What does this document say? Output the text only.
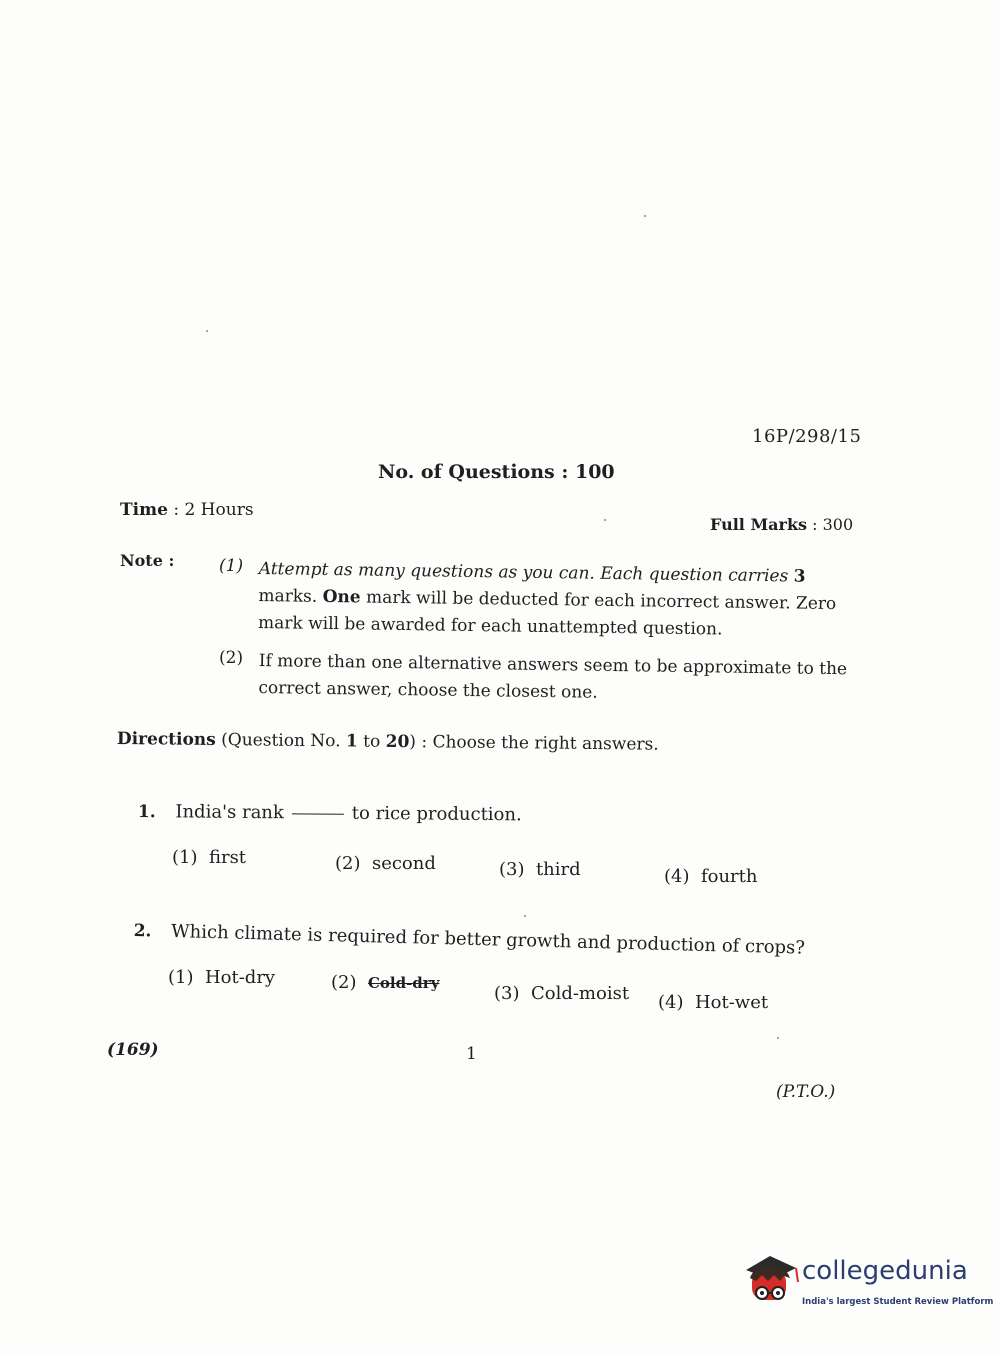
16P/298/15
No. of Questions : 100
Time : 2 Hours
Full Marks : 300
Note :	(1) Attempt as many questions as you can. Each question carries 3 marks. One mark will be deducted for each incorrect answer. Zero mark will be awarded for each unattempted question.
(2) If more than one alternative answers seem to be approximate to the correct answer, choose the closest one.
Directions (Question No. 1 to 20) : Choose the right answers.
1. India's rank	to rice production.
(1) first	(2) second	(3) third	(4) fourth
2. Which climate is required for better growth and production of crops?
(1) Hot-dry	(2) Cold-dry	(3) Cold-moist (4) Hot-wet
(169)	1
(P.T.O.)
collegedunia
India's largest Student Review Platform
